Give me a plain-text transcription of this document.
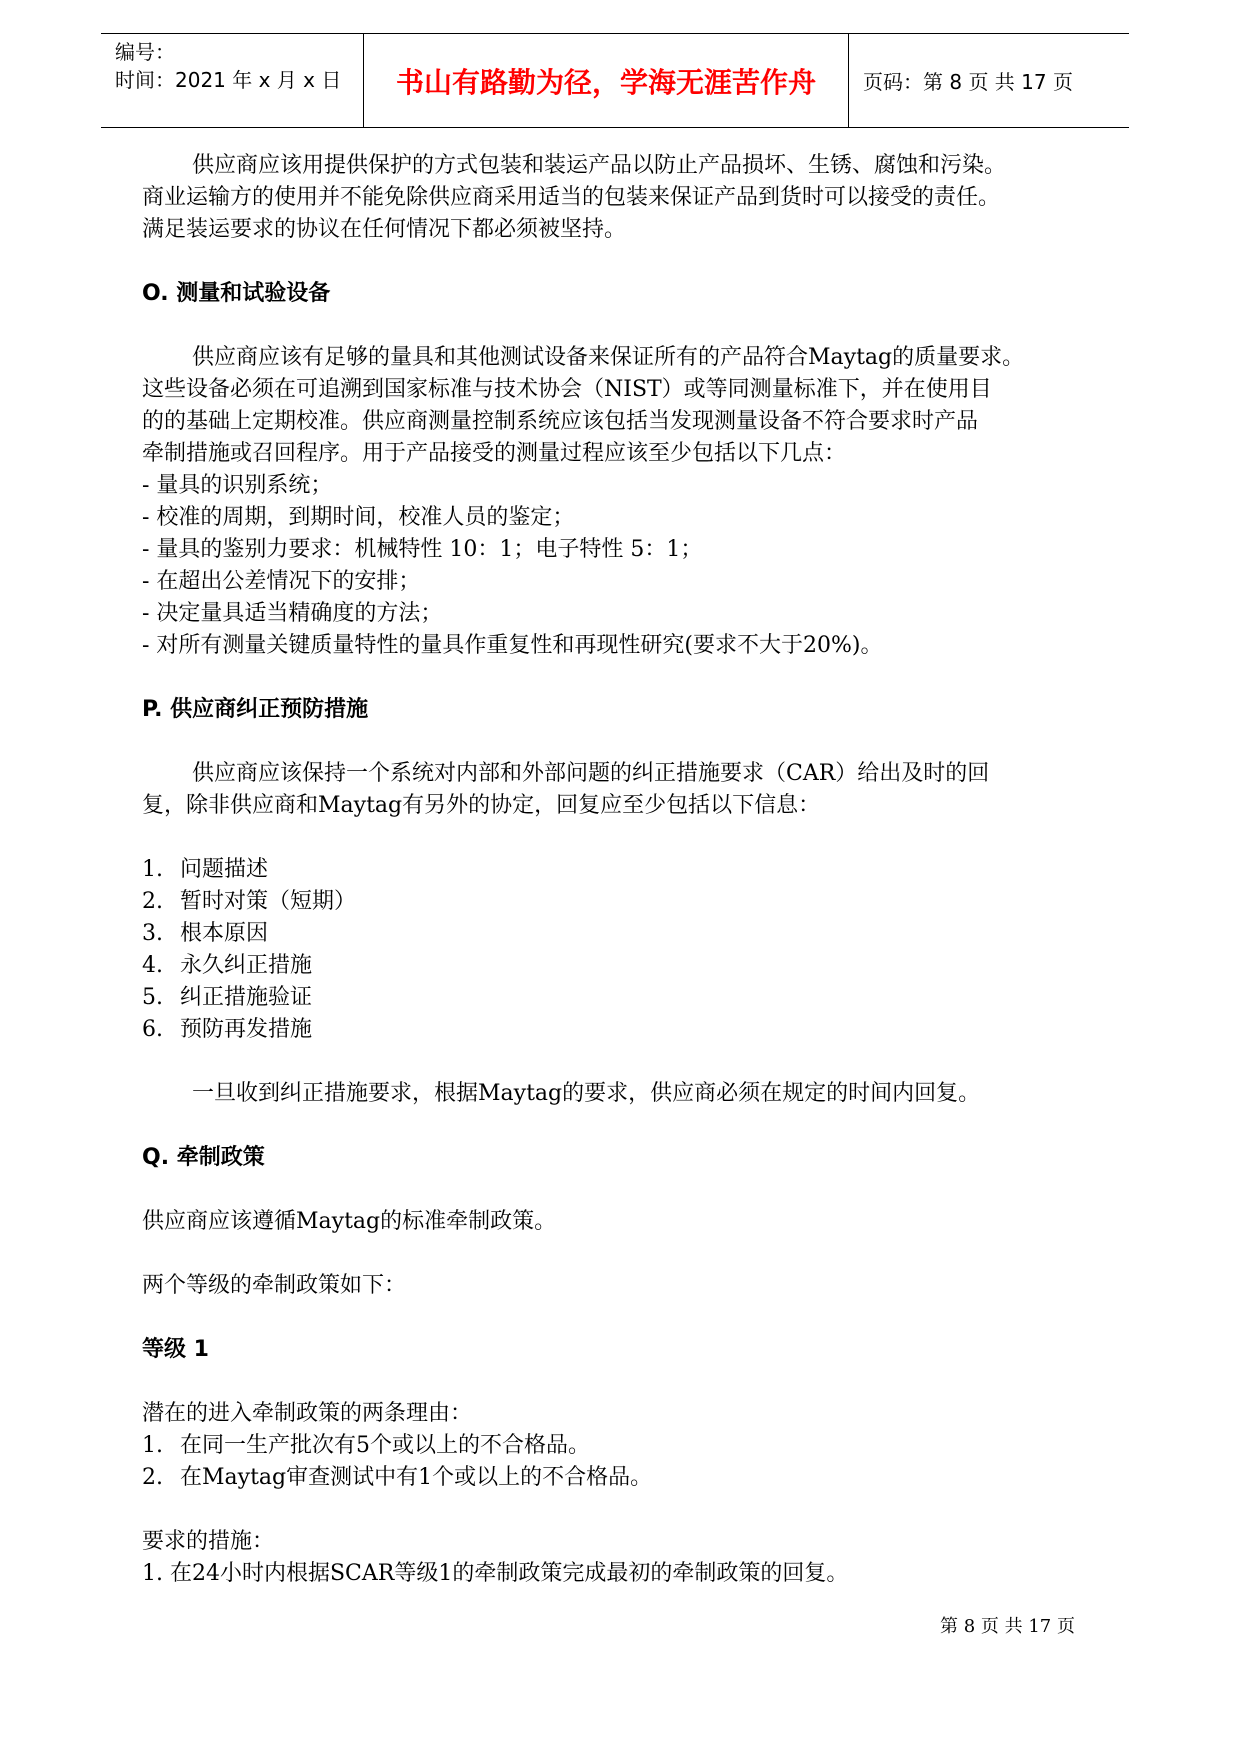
编号：
时间：2021 年 x 月 x 日	书山有路勤为径，学海无涯苦作舟	页码：第 8 页 共 17 页

供应商应该用提供保护的方式包装和装运产品以防止产品损坏、生锈、腐蚀和污染。

商业运输方的使用并不能免除供应商采用适当的包装来保证产品到货时可以接受的责任。

满足装运要求的协议在任何情况下都必须被坚持。

O. 测量和试验设备

供应商应该有足够的量具和其他测试设备来保证所有的产品符合Maytag的质量要求。

这些设备必须在可追溯到国家标准与技术协会（NIST）或等同测量标准下，并在使用目

的的基础上定期校准。供应商测量控制系统应该包括当发现测量设备不符合要求时产品

牵制措施或召回程序。用于产品接受的测量过程应该至少包括以下几点：

- 量具的识别系统；

- 校准的周期，到期时间，校准人员的鉴定；

- 量具的鉴别力要求：机械特性 10：1；电子特性 5：1；

- 在超出公差情况下的安排；

- 决定量具适当精确度的方法；

- 对所有测量关键质量特性的量具作重复性和再现性研究(要求不大于20%)。

P. 供应商纠正预防措施

供应商应该保持一个系统对内部和外部问题的纠正措施要求（CAR）给出及时的回

复，除非供应商和Maytag有另外的协定，回复应至少包括以下信息：

1. 问题描述

2. 暂时对策（短期）

3. 根本原因

4. 永久纠正措施

5. 纠正措施验证

6. 预防再发措施

一旦收到纠正措施要求，根据Maytag的要求，供应商必须在规定的时间内回复。

Q. 牵制政策

供应商应该遵循Maytag的标准牵制政策。

两个等级的牵制政策如下：

等级 1

潜在的进入牵制政策的两条理由：

1. 在同一生产批次有5个或以上的不合格品。

2. 在Maytag审查测试中有1个或以上的不合格品。

要求的措施：

1. 在24小时内根据SCAR等级1的牵制政策完成最初的牵制政策的回复。

第 8 页 共 17 页
